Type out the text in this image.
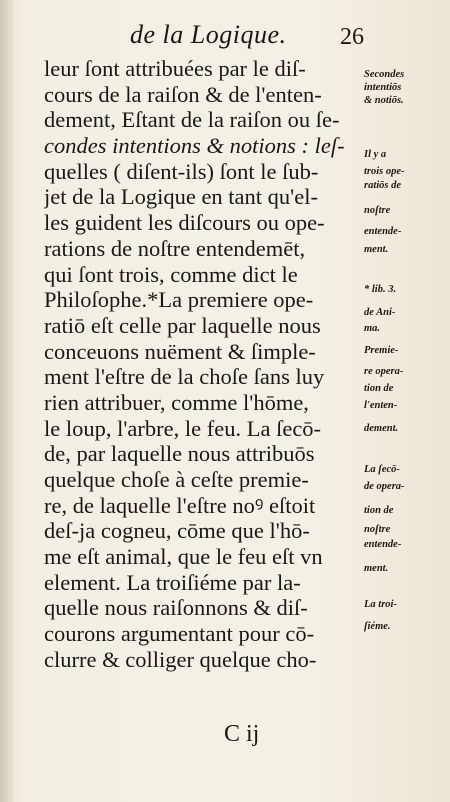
de la Logique. 26
leur ſont attribuées par le diſ-
cours de la raiſon & de l'enten-
dement, Eſtant de la raiſon ou ſe-
condes intentions & notions : leſ-
quelles ( diſent-ils) ſont le ſub-
jet de la Logique en tant qu'el-
les guident les diſcours ou ope-
rations de noſtre entendemēt,
qui ſont trois, comme dict le
Philoſophe.*La premiere ope-
ratiō eſt celle par laquelle nous
conceuons nuëment & ſimple-
ment l'eſtre de la choſe ſans luy
rien attribuer, comme l'hōme,
le loup, l'arbre, le feu. La ſecō-
de, par laquelle nous attribuōs
quelque choſe à ceſte premie-
re, de laquelle l'eſtre noꝰ eſtoit
deſ-ja cogneu, cōme que l'hō-
me eſt animal, que le feu eſt vn
element. La troiſiéme par la-
quelle nous raiſonnons & diſ-
courons argumentant pour cō-
clurre & colliger quelque cho-
Secondes
intentiōs
& notiōs.
Il y a
trois ope-
ratiōs de
noſtre
entende-
ment.
* lib. 3.
de Ani-
ma.
Premie-
re opera-
tion de
l'enten-
dement.
La ſecō-
de opera-
tion de
noſtre
entende-
ment.
La troi-
ſiéme.
C ij
